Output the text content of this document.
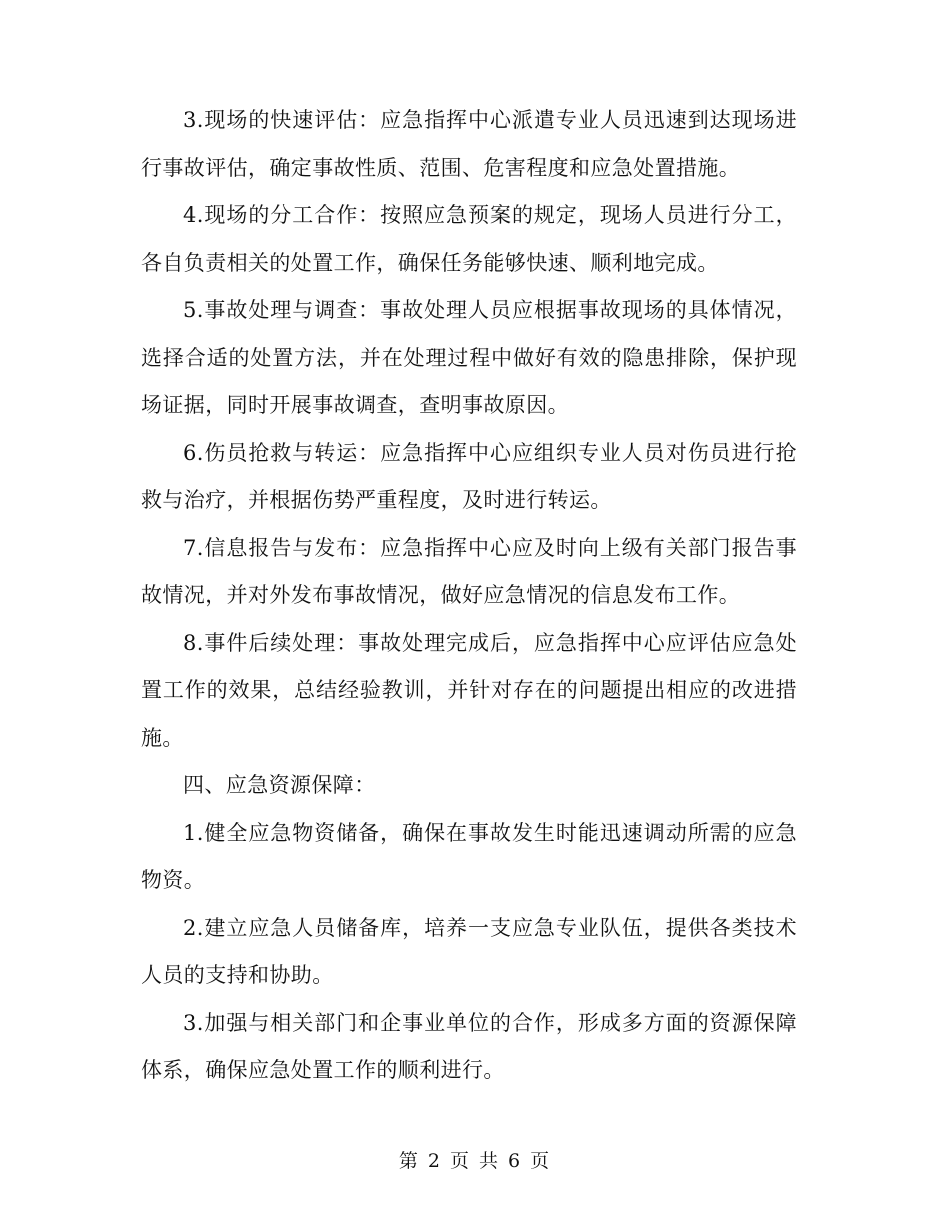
3.现场的快速评估：应急指挥中心派遣专业人员迅速到达现场进行事故评估，确定事故性质、范围、危害程度和应急处置措施。

4.现场的分工合作：按照应急预案的规定，现场人员进行分工，各自负责相关的处置工作，确保任务能够快速、顺利地完成。

5.事故处理与调查：事故处理人员应根据事故现场的具体情况，选择合适的处置方法，并在处理过程中做好有效的隐患排除，保护现场证据，同时开展事故调查，查明事故原因。

6.伤员抢救与转运：应急指挥中心应组织专业人员对伤员进行抢救与治疗，并根据伤势严重程度，及时进行转运。

7.信息报告与发布：应急指挥中心应及时向上级有关部门报告事故情况，并对外发布事故情况，做好应急情况的信息发布工作。

8.事件后续处理：事故处理完成后，应急指挥中心应评估应急处置工作的效果，总结经验教训，并针对存在的问题提出相应的改进措施。

四、应急资源保障：

1.健全应急物资储备，确保在事故发生时能迅速调动所需的应急物资。

2.建立应急人员储备库，培养一支应急专业队伍，提供各类技术人员的支持和协助。

3.加强与相关部门和企事业单位的合作，形成多方面的资源保障体系，确保应急处置工作的顺利进行。

第 2 页 共 6 页
